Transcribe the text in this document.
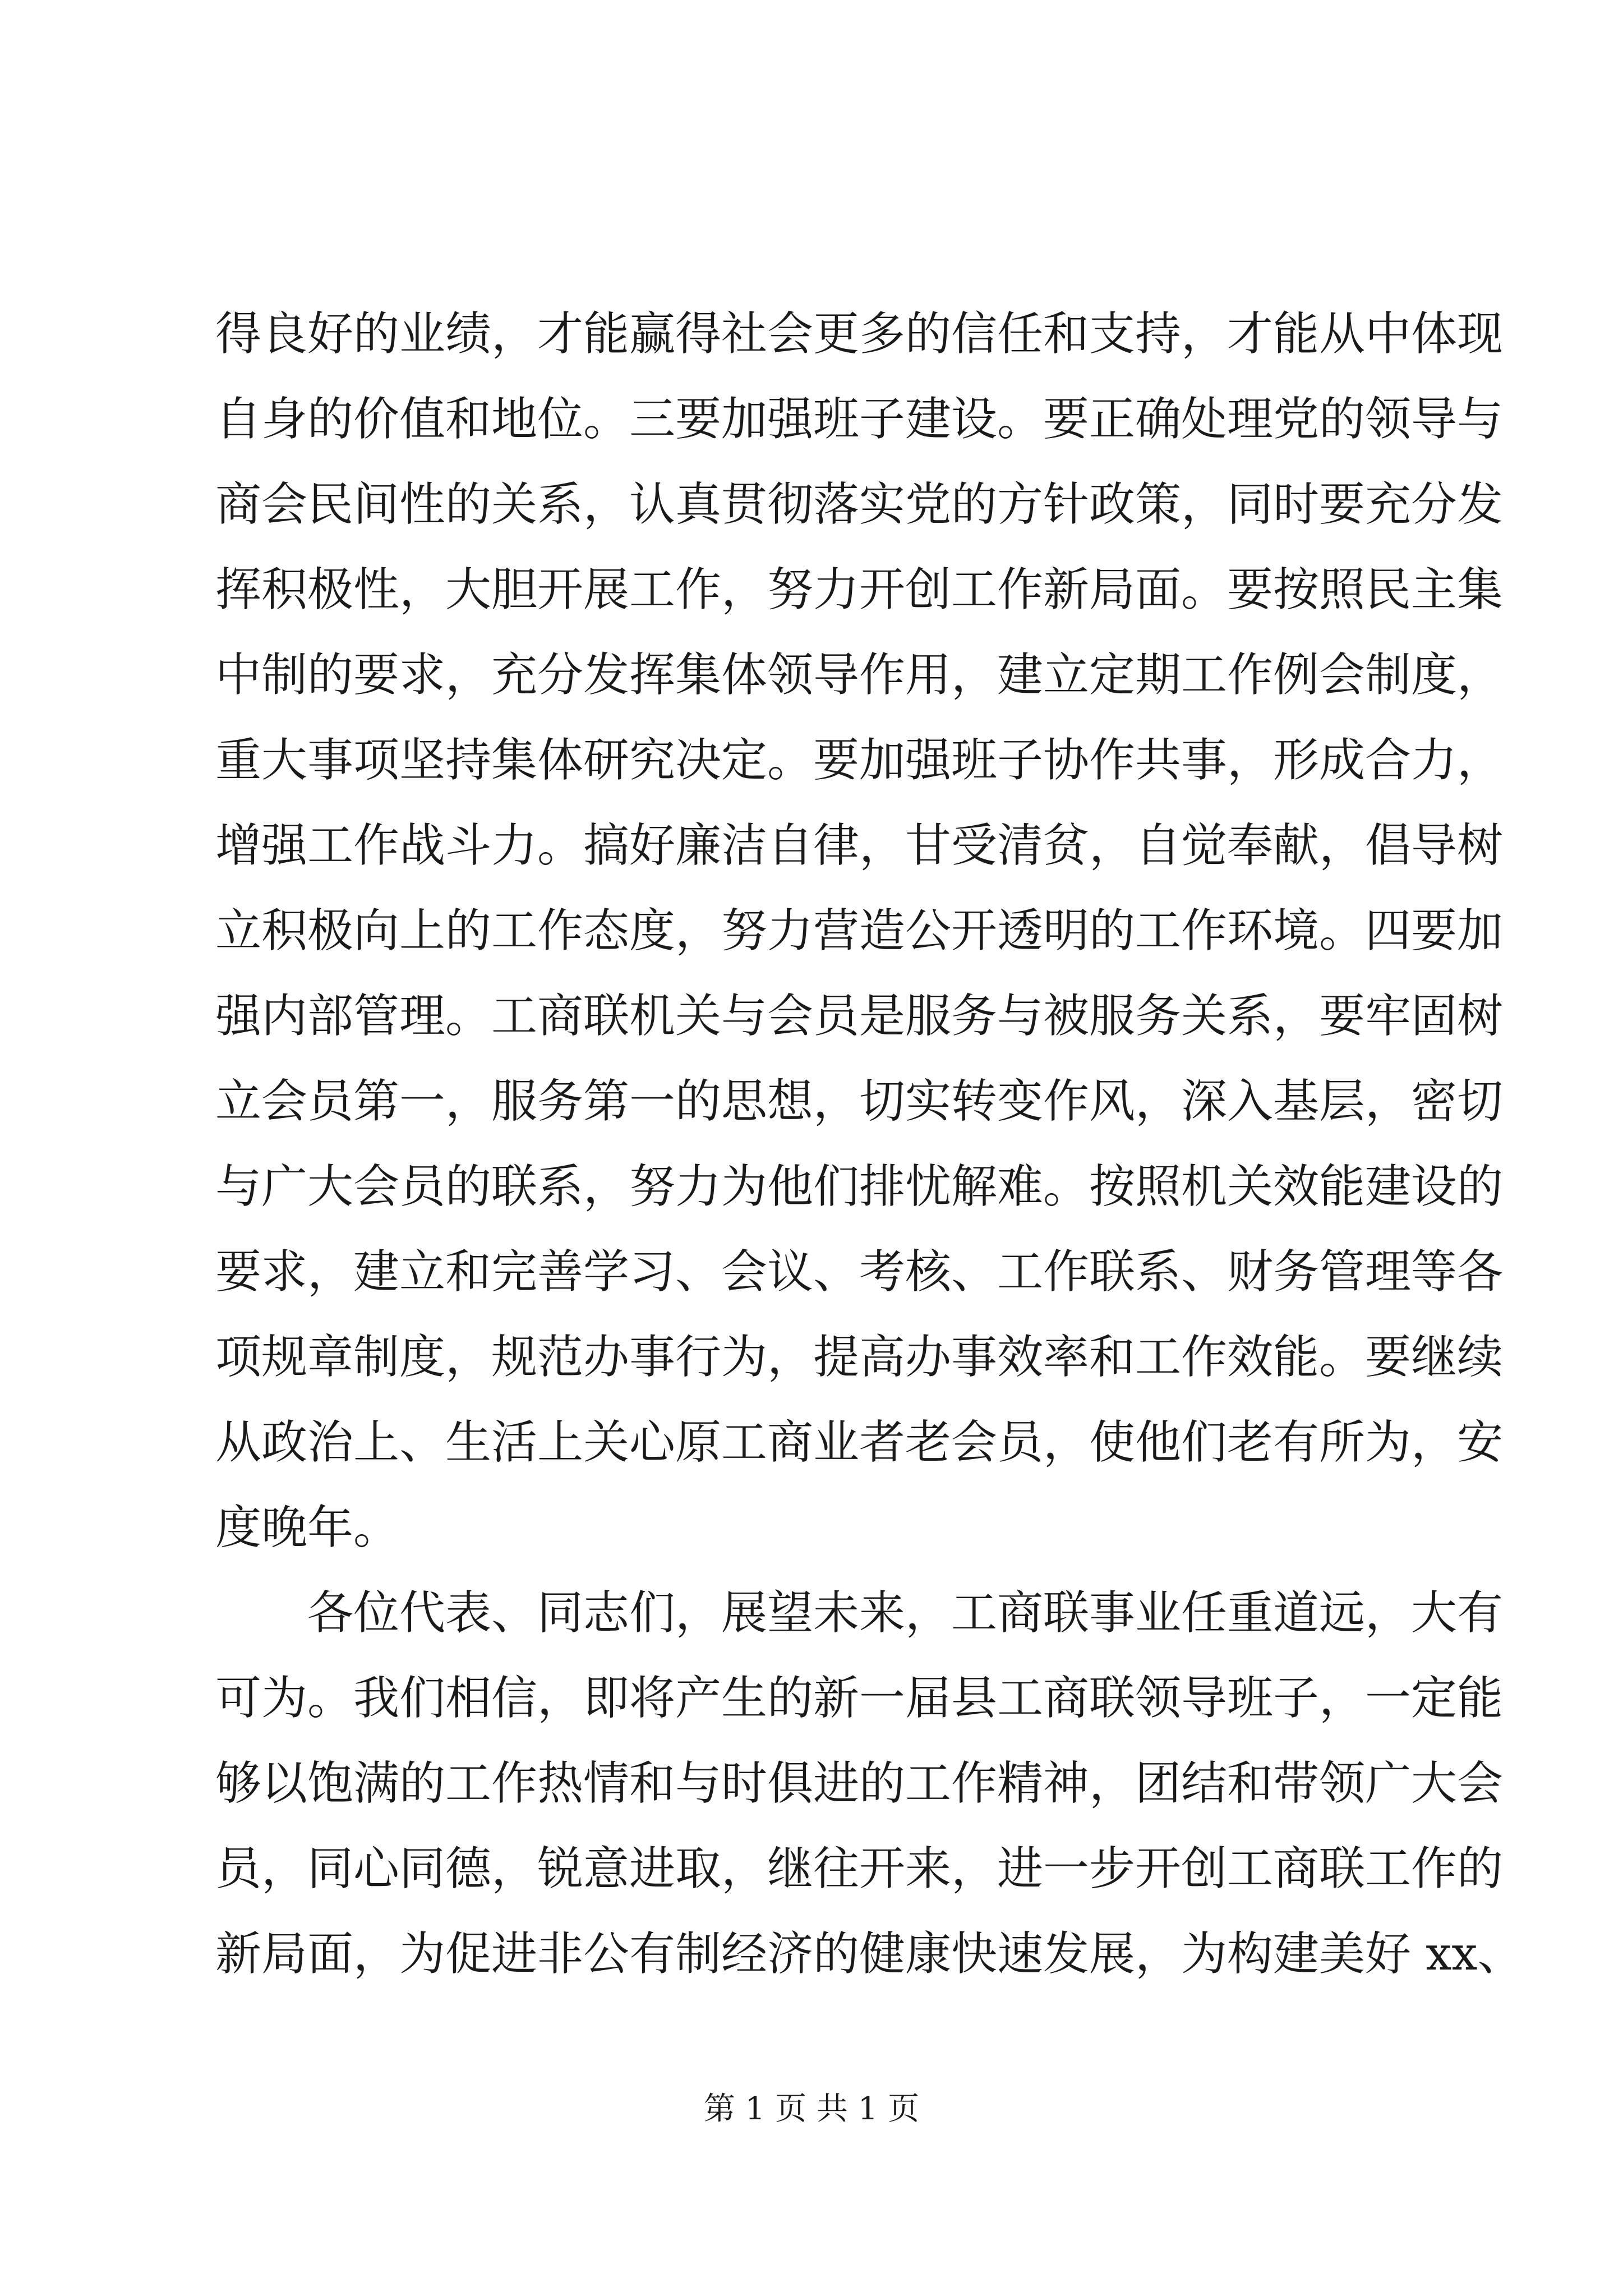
得良好的业绩，才能赢得社会更多的信任和支持，才能从中体现
自身的价值和地位。三要加强班子建设。要正确处理党的领导与
商会民间性的关系，认真贯彻落实党的方针政策，同时要充分发
挥积极性，大胆开展工作，努力开创工作新局面。要按照民主集
中制的要求，充分发挥集体领导作用，建立定期工作例会制度，
重大事项坚持集体研究决定。要加强班子协作共事，形成合力，
增强工作战斗力。搞好廉洁自律，甘受清贫，自觉奉献，倡导树
立积极向上的工作态度，努力营造公开透明的工作环境。四要加
强内部管理。工商联机关与会员是服务与被服务关系，要牢固树
立会员第一，服务第一的思想，切实转变作风，深入基层，密切
与广大会员的联系，努力为他们排忧解难。按照机关效能建设的
要求，建立和完善学习、会议、考核、工作联系、财务管理等各
项规章制度，规范办事行为，提高办事效率和工作效能。要继续
从政治上、生活上关心原工商业者老会员，使他们老有所为，安
度晚年。
各位代表、同志们，展望未来，工商联事业任重道远，大有
可为。我们相信，即将产生的新一届县工商联领导班子，一定能
够以饱满的工作热情和与时俱进的工作精神，团结和带领广大会
员，同心同德，锐意进取，继往开来，进一步开创工商联工作的
新局面，为促进非公有制经济的健康快速发展，为构建美好 xx、
第 1 页 共 1 页
